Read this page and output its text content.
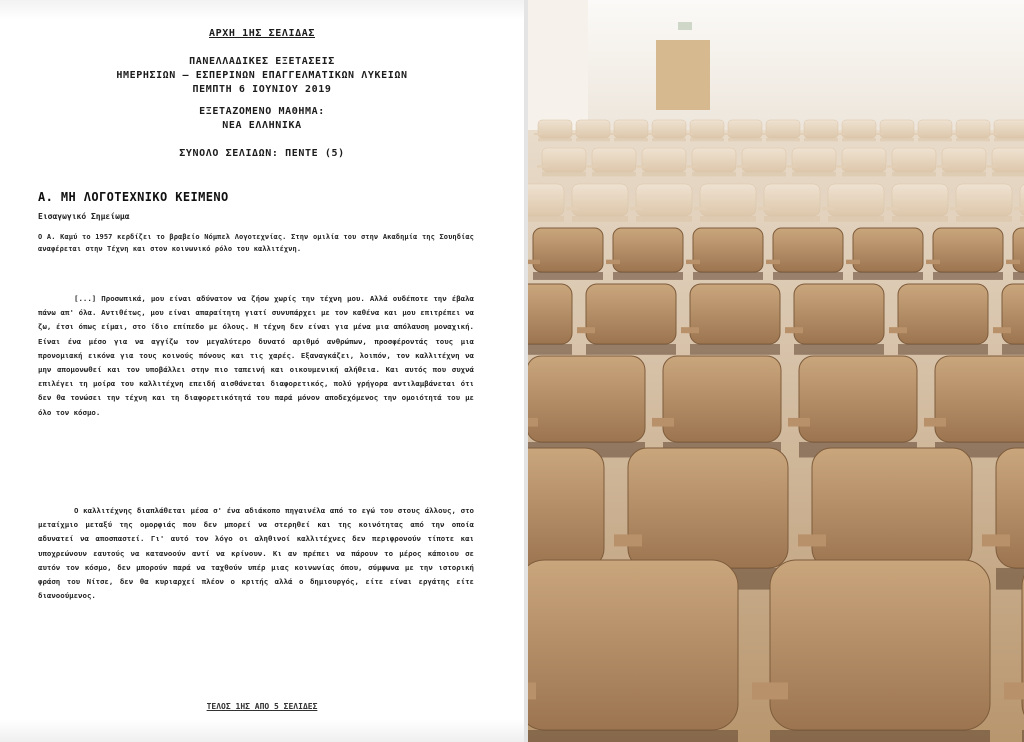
ΑΡΧΗ 1ΗΣ ΣΕΛΙΔΑΣ
ΠΑΝΕΛΛΑΔΙΚΕΣ ΕΞΕΤΑΣΕΙΣ
ΗΜΕΡΗΣΙΩΝ – ΕΣΠΕΡΙΝΩΝ ΕΠΑΓΓΕΛΜΑΤΙΚΩΝ ΛΥΚΕΙΩΝ
ΠΕΜΠΤΗ 6 ΙΟΥΝΙΟΥ 2019
ΕΞΕΤΑΖΟΜΕΝΟ ΜΑΘΗΜΑ:
ΝΕΑ ΕΛΛΗΝΙΚΑ
ΣΥΝΟΛΟ ΣΕΛΙΔΩΝ: ΠΕΝΤΕ (5)
Α. ΜΗ ΛΟΓΟΤΕΧΝΙΚΟ ΚΕΙΜΕΝΟ
Εισαγωγικό Σημείωμα

Ο Α. Καμύ το 1957 κερδίζει το βραβείο Νόμπελ Λογοτεχνίας. Στην ομιλία του στην Ακαδημία της Σουηδίας αναφέρεται στην Τέχνη και στον κοινωνικό ρόλο του καλλιτέχνη.

[...] Προσωπικά, μου είναι αδύνατον να ζήσω χωρίς την τέχνη μου. Αλλά ουδέποτε την έβαλα πάνω απ' όλα. Αντιθέτως, μου είναι απαραίτητη γιατί συνυπάρχει με τον καθένα και μου επιτρέπει να ζω, έτσι όπως είμαι, στο ίδιο επίπεδο με όλους. Η τέχνη δεν είναι για μένα μια απόλαυση μοναχική. Είναι ένα μέσο για να αγγίζω τον μεγαλύτερο δυνατό αριθμό ανθρώπων, προσφέροντάς τους μια προνομιακή εικόνα για τους κοινούς πόνους και τις χαρές. Εξαναγκάζει, λοιπόν, τον καλλιτέχνη να μην απομονωθεί και τον υποβάλλει στην πιο ταπεινή και οικουμενική αλήθεια. Και αυτός που συχνά επιλέγει τη μοίρα του καλλιτέχνη επειδή αισθάνεται διαφορετικός, πολύ γρήγορα αντιλαμβάνεται ότι δεν θα τονώσει την τέχνη και τη διαφορετικότητά του παρά μόνον αποδεχόμενος την ομοιότητά του με όλο τον κόσμο.

Ο καλλιτέχνης διαπλάθεται μέσα σ' ένα αδιάκοπο πηγαινέλα από το εγώ του στους άλλους, στο μεταίχμιο μεταξύ της ομορφιάς που δεν μπορεί να στερηθεί και της κοινότητας από την οποία αδυνατεί να αποσπαστεί. Γι' αυτό τον λόγο οι αληθινοί καλλιτέχνες δεν περιφρονούν τίποτε και υποχρεώνουν εαυτούς να κατανοούν αντί να κρίνουν. Κι αν πρέπει να πάρουν το μέρος κάποιου σε αυτόν τον κόσμο, δεν μπορούν παρά να ταχθούν υπέρ μιας κοινωνίας όπου, σύμφωνα με την ιστορική φράση του Νίτσε, δεν θα κυριαρχεί πλέον ο κριτής αλλά ο δημιουργός, είτε είναι εργάτης είτε διανοούμενος.

ΤΕΛΟΣ 1ΗΣ ΑΠΟ 5 ΣΕΛΙΔΕΣ
